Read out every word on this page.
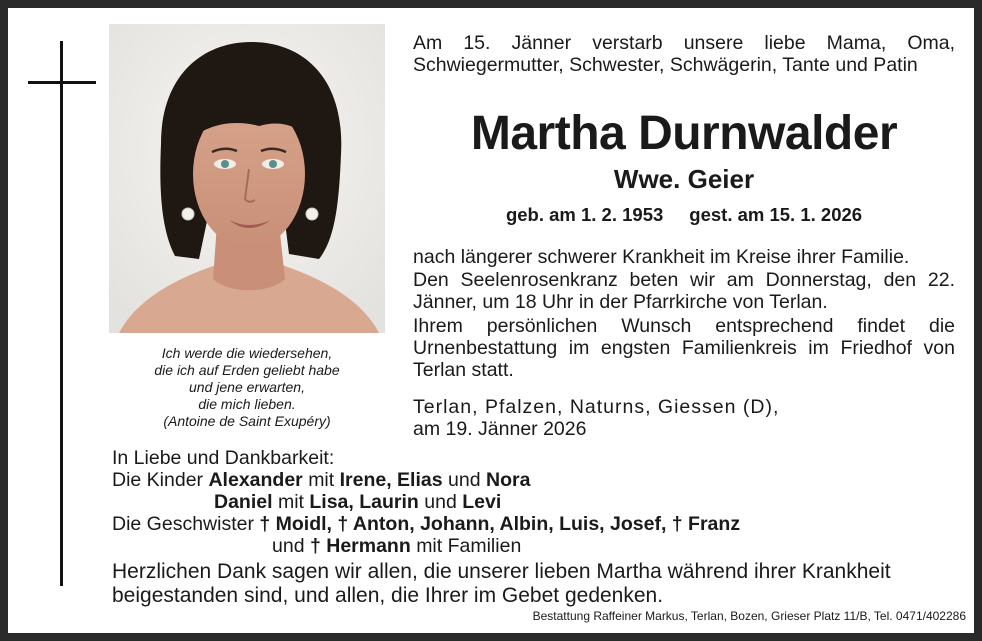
Ich werde die wiedersehen,
die ich auf Erden geliebt habe
und jene erwarten,
die mich lieben.
(Antoine de Saint Exupéry)
Am 15. Jänner verstarb unsere liebe Mama, Oma, Schwiegermutter, Schwester, Schwägerin, Tante und Patin
Martha Durnwalder
Wwe. Geier
geb. am 1. 2. 1953 gest. am 15. 1. 2026
nach längerer schwerer Krankheit im Kreise ihrer Familie.
Den Seelenrosenkranz beten wir am Donnerstag, den 22. Jänner, um 18 Uhr in der Pfarrkirche von Terlan.
Ihrem persönlichen Wunsch entsprechend findet die Urnenbestattung im engsten Familienkreis im Friedhof von Terlan statt.
Terlan, Pfalzen, Naturns, Giessen (D),
am 19. Jänner 2026
In Liebe und Dankbarkeit:
Die Kinder Alexander mit Irene, Elias und Nora
Daniel mit Lisa, Laurin und Levi
Die Geschwister † Moidl, † Anton, Johann, Albin, Luis, Josef, † Franz
und † Hermann mit Familien
Herzlichen Dank sagen wir allen, die unserer lieben Martha während ihrer Krankheit
beigestanden sind, und allen, die Ihrer im Gebet gedenken.
Bestattung Raffeiner Markus, Terlan, Bozen, Grieser Platz 11/B, Tel. 0471/402286
